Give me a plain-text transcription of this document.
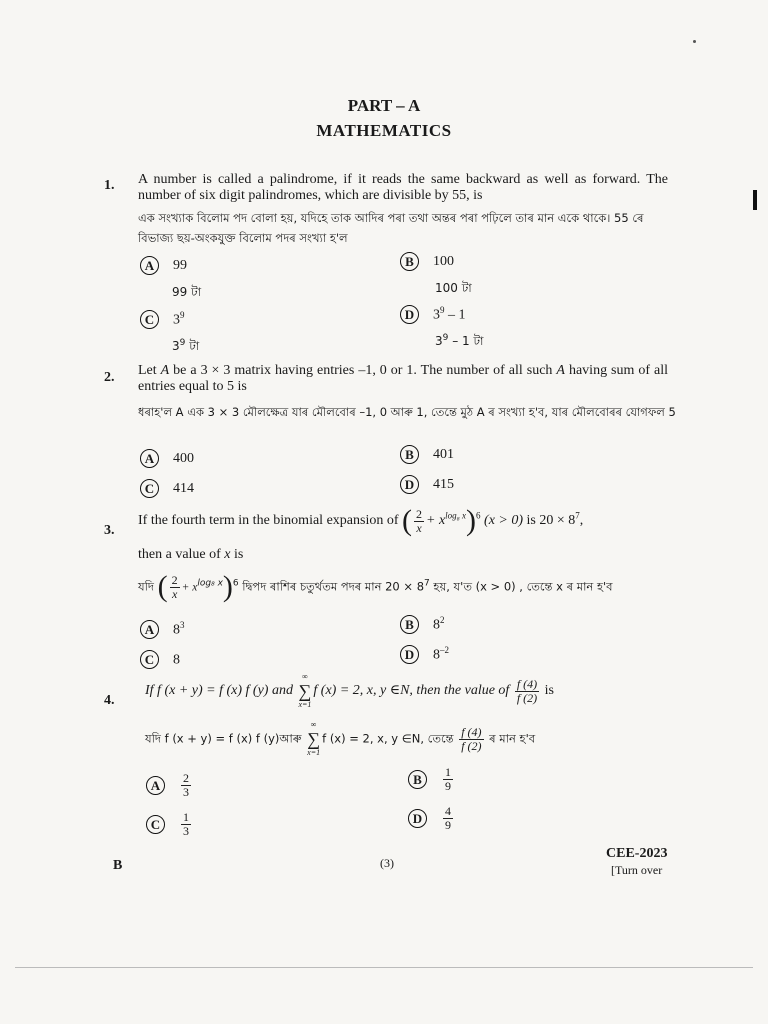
PART – A
MATHEMATICS
1. A number is called a palindrome, if it reads the same backward as well as forward. The number of six digit palindromes, which are divisible by 55, is
এক সংখ্যাক বিলোম পদ বোলা হয়, যদিহে তাক আদিৰ পৰা তথা অন্তৰ পৰা পঢ়িলে তাৰ মান একে থাকে। 55 ৰে বিভাজ্য ছয়-অংকযুক্ত বিলোম পদৰ সংখ্যা হ'ল
A	99
99 টা
B	100
100 টা
C	$3^9$
$3^9$ টা
D	$3^9 - 1$
$3^9 - 1$ টা
2. Let A be a 3 × 3 matrix having entries –1, 0 or 1. The number of all such A having sum of all entries equal to 5 is
ধৰাহ'ল A এক 3 × 3 মৌলক্ষেত্ৰ যাৰ মৌলবোৰ –1, 0 আৰু 1, তেন্তে মুঠ A ৰ সংখ্যা হ'ব, যাৰ মৌলবোৰৰ যোগফল 5
A	400	B	401
C	414	D	415
3.
If the fourth term in the binomial expansion of ( $\frac{2}{x} + x^{log_8 x})^6$ (x > 0) is $20 \times 8^7$,
then a value of x is
যদি ( $\frac{2}{x} + x^{log_8 x})^6$ দ্বিপদ ৰাশিৰ চতুৰ্থতম পদৰ মান $20 \times 8^7$ হয়, য'ত (x > 0) , তেন্তে x ৰ মান হ'ব
A	$8^3$	B	$8^2$
C	8	D	$8^{-2}$
4.
If f (x + y) = f (x) f (y) and
∞
∑
x=1
f (x) = 2, x, y ∈N, then the value of $\frac{f (4)}{f (2)}$ is
যদি f (x + y) = f (x) f (y)আৰু
∞
∑
x=1
f (x) = 2, x, y ∈N, তেন্তে $\frac{f (4)}{f (2)}$ ৰ মান হ'ব
A	$\frac{2}{3}$	B	$\frac{1}{9}$
C	$\frac{1}{3}$	D	$\frac{4}{9}$
B	(3)
CEE-2023
[Turn over
